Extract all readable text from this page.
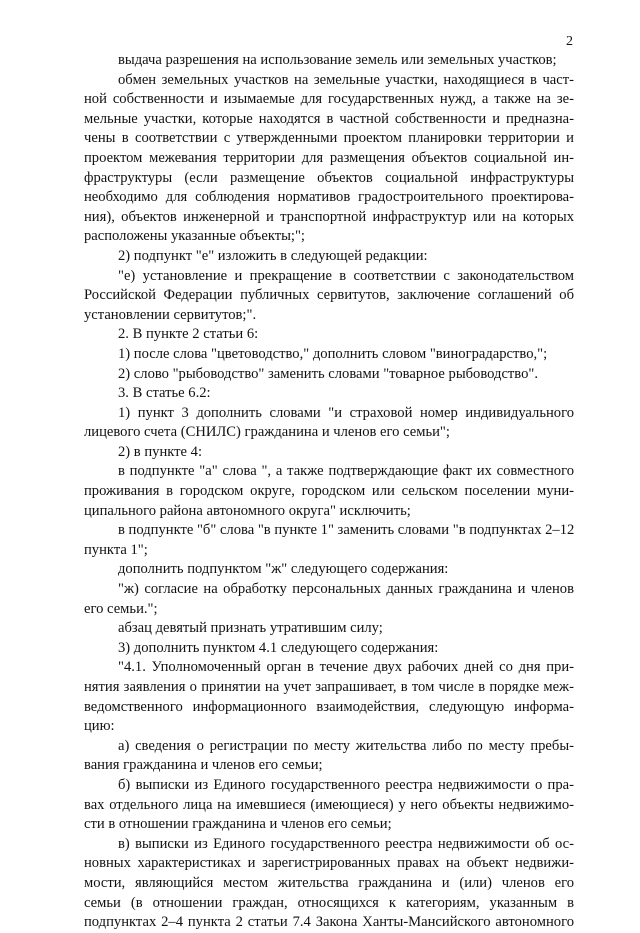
2
выдача разрешения на использование земель или земельных участков;
обмен земельных участков на земельные участки, находящиеся в част-
ной собственности и изымаемые для государственных нужд, а также на зе-
мельные участки, которые находятся в частной собственности и предназна-
чены в соответствии с утвержденными проектом планировки территории и
проектом межевания территории для размещения объектов социальной ин-
фраструктуры (если размещение объектов социальной инфраструктуры
необходимо для соблюдения нормативов градостроительного проектирова-
ния), объектов инженерной и транспортной инфраструктур или на которых
расположены указанные объекты;";
2) подпункт "е" изложить в следующей редакции:
"е) установление и прекращение в соответствии с законодательством
Российской Федерации публичных сервитутов, заключение соглашений об
установлении сервитутов;".
2. В пункте 2 статьи 6:
1) после слова "цветоводство," дополнить словом "виноградарство,";
2) слово "рыбоводство" заменить словами "товарное рыбоводство".
3. В статье 6.2:
1) пункт 3 дополнить словами "и страховой номер индивидуального
лицевого счета (СНИЛС) гражданина и членов его семьи";
2) в пункте 4:
в подпункте "а" слова ", а также подтверждающие факт их совместного
проживания в городском округе, городском или сельском поселении муни-
ципального района автономного округа" исключить;
в подпункте "б" слова "в пункте 1" заменить словами "в подпунктах 2–12
пункта 1";
дополнить подпунктом "ж" следующего содержания:
"ж) согласие на обработку персональных данных гражданина и членов
его семьи.";
абзац девятый признать утратившим силу;
3) дополнить пунктом 4.1 следующего содержания:
"4.1. Уполномоченный орган в течение двух рабочих дней со дня при-
нятия заявления о принятии на учет запрашивает, в том числе в порядке меж-
ведомственного информационного взаимодействия, следующую информа-
цию:
а) сведения о регистрации по месту жительства либо по месту пребы-
вания гражданина и членов его семьи;
б) выписки из Единого государственного реестра недвижимости о пра-
вах отдельного лица на имевшиеся (имеющиеся) у него объекты недвижимо-
сти в отношении гражданина и членов его семьи;
в) выписки из Единого государственного реестра недвижимости об ос-
новных характеристиках и зарегистрированных правах на объект недвижи-
мости, являющийся местом жительства гражданина и (или) членов его
семьи (в отношении граждан, относящихся к категориям, указанным в
подпунктах 2–4 пункта 2 статьи 7.4 Закона Ханты-Мансийского автономного
